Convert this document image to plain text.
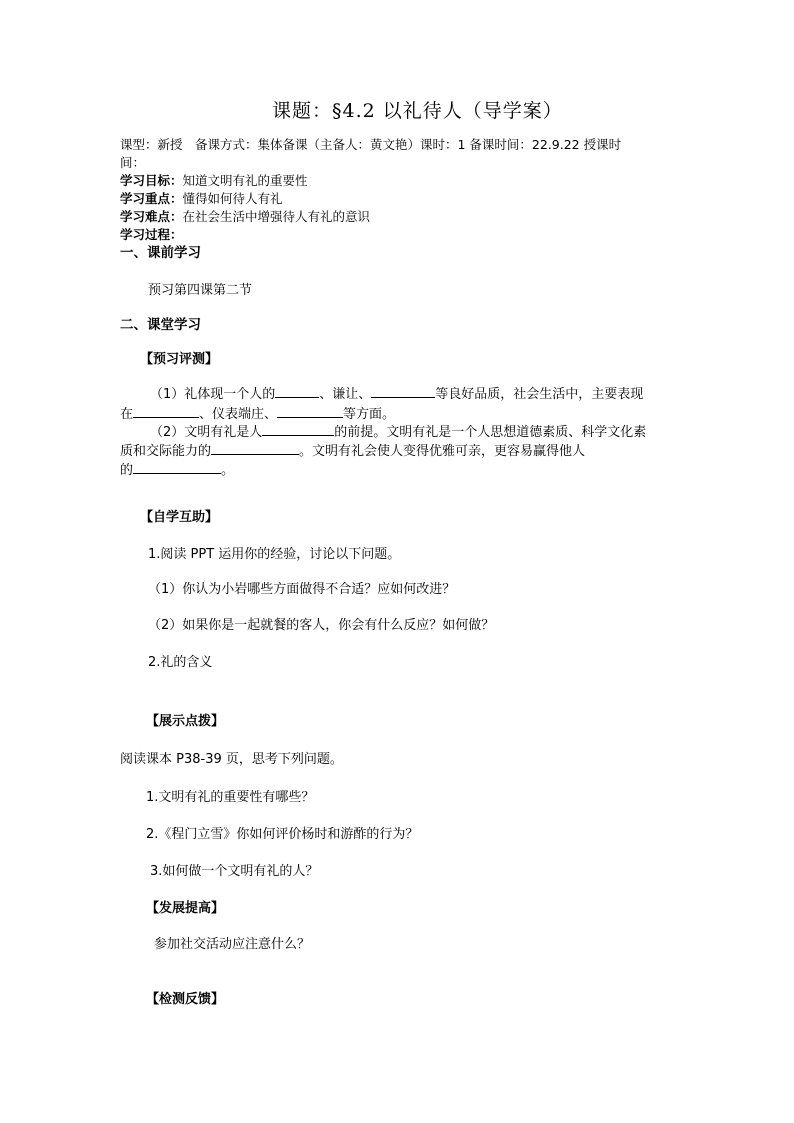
课题：§4.2 以礼待人（导学案）
课型：新授　备课方式：集体备课（主备人：黄文艳）课时：1 备课时间：22.9.22 授课时
间：
学习目标：知道文明有礼的重要性
学习重点：懂得如何待人有礼
学习难点：在社会生活中增强待人有礼的意识
学习过程：
一、课前学习
预习第四课第二节
二、课堂学习
【预习评测】
（1）礼体现一个人的	、谦让、	等良好品质，社会生活中，主要表现
在	、仪表端庄、	等方面。
（2）文明有礼是人	的前提。文明有礼是一个人思想道德素质、科学文化素
质和交际能力的	。文明有礼会使人变得优雅可亲，更容易赢得他人
的	。
【自学互助】
1.阅读 PPT 运用你的经验，讨论以下问题。
（1）你认为小岩哪些方面做得不合适？应如何改进？
（2）如果你是一起就餐的客人，你会有什么反应？如何做？
2.礼的含义
【展示点拨】
阅读课本 P38-39 页，思考下列问题。
1.文明有礼的重要性有哪些？
2.《程门立雪》你如何评价杨时和游酢的行为？
3.如何做一个文明有礼的人？
【发展提高】
参加社交活动应注意什么？
【检测反馈】
